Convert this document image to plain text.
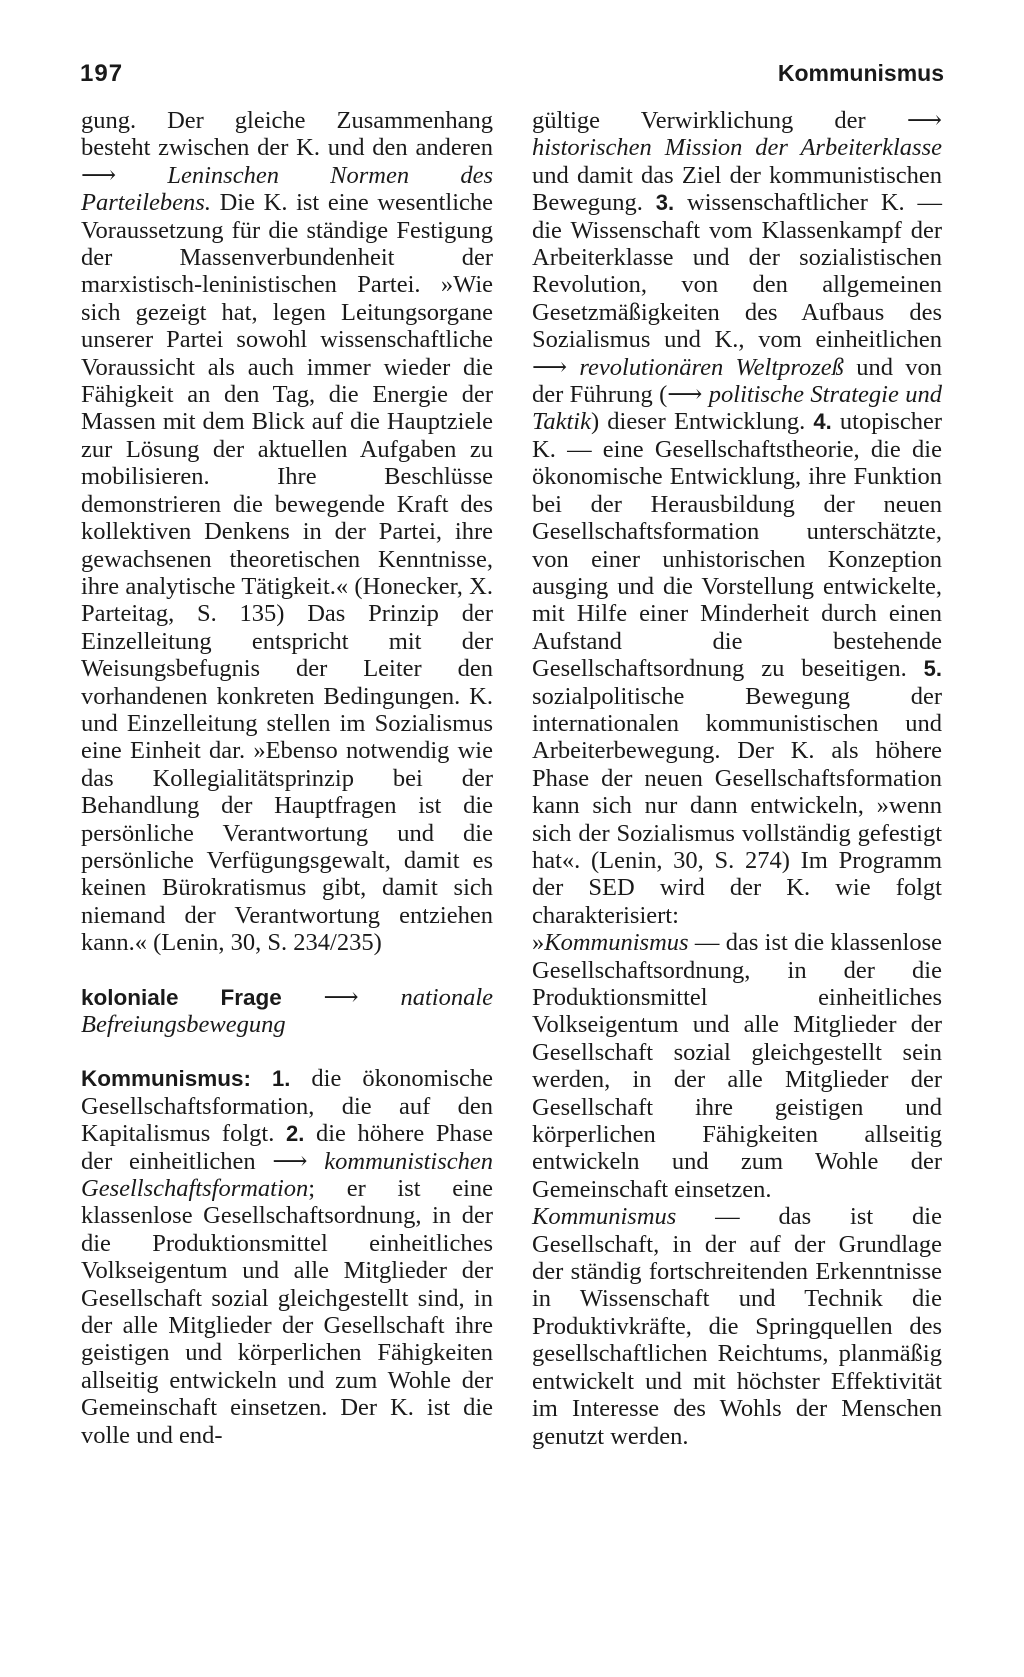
197	Kommunismus

gung. Der gleiche Zusammenhang besteht zwischen der K. und den anderen ⟶ Leninschen Normen des Parteilebens. Die K. ist eine wesentliche Voraussetzung für die ständige Festigung der Massenverbundenheit der marxistisch-leninistischen Partei. »Wie sich gezeigt hat, legen Leitungsorgane unserer Partei sowohl wissenschaftliche Voraussicht als auch immer wieder die Fähigkeit an den Tag, die Energie der Massen mit dem Blick auf die Hauptziele zur Lösung der aktuellen Aufgaben zu mobilisieren. Ihre Beschlüsse demonstrieren die bewegende Kraft des kollektiven Denkens in der Partei, ihre gewachsenen theoretischen Kenntnisse, ihre analytische Tätigkeit.« (Honecker, X. Parteitag, S. 135) Das Prinzip der Einzelleitung entspricht mit der Weisungsbefugnis der Leiter den vorhandenen konkreten Bedingungen. K. und Einzelleitung stellen im Sozialismus eine Einheit dar. »Ebenso notwendig wie das Kollegialitätsprinzip bei der Behandlung der Hauptfragen ist die persönliche Verantwortung und die persönliche Verfügungsgewalt, damit es keinen Bürokratismus gibt, damit sich niemand der Verantwortung entziehen kann.« (Lenin, 30, S. 234/235)

koloniale Frage ⟶ nationale Befreiungsbewegung

Kommunismus: 1. die ökonomische Gesellschaftsformation, die auf den Kapitalismus folgt. 2. die höhere Phase der einheitlichen ⟶ kommunistischen Gesellschaftsformation; er ist eine klassenlose Gesellschaftsordnung, in der die Produktionsmittel einheitliches Volkseigentum und alle Mitglieder der Gesellschaft sozial gleichgestellt sind, in der alle Mitglieder der Gesellschaft ihre geistigen und körperlichen Fähigkeiten allseitig entwickeln und zum Wohle der Gemeinschaft einsetzen. Der K. ist die volle und end-

gültige Verwirklichung der ⟶ historischen Mission der Arbeiterklasse und damit das Ziel der kommunistischen Bewegung. 3. wissenschaftlicher K. — die Wissenschaft vom Klassenkampf der Arbeiterklasse und der sozialistischen Revolution, von den allgemeinen Gesetzmäßigkeiten des Aufbaus des Sozialismus und K., vom einheitlichen ⟶ revolutionären Weltprozeß und von der Führung (⟶ politische Strategie und Taktik) dieser Entwicklung. 4. utopischer K. — eine Gesellschaftstheorie, die die ökonomische Entwicklung, ihre Funktion bei der Herausbildung der neuen Gesellschaftsformation unterschätzte, von einer unhistorischen Konzeption ausging und die Vorstellung entwickelte, mit Hilfe einer Minderheit durch einen Aufstand die bestehende Gesellschaftsordnung zu beseitigen. 5. sozialpolitische Bewegung der internationalen kommunistischen und Arbeiterbewegung. Der K. als höhere Phase der neuen Gesellschaftsformation kann sich nur dann entwickeln, »wenn sich der Sozialismus vollständig gefestigt hat«. (Lenin, 30, S. 274) Im Programm der SED wird der K. wie folgt charakterisiert:

»Kommunismus — das ist die klassenlose Gesellschaftsordnung, in der die Produktionsmittel einheitliches Volkseigentum und alle Mitglieder der Gesellschaft sozial gleichgestellt sein werden, in der alle Mitglieder der Gesellschaft ihre geistigen und körperlichen Fähigkeiten allseitig entwickeln und zum Wohle der Gemeinschaft einsetzen.

Kommunismus — das ist die Gesellschaft, in der auf der Grundlage der ständig fortschreitenden Erkenntnisse in Wissenschaft und Technik die Produktivkräfte, die Springquellen des gesellschaftlichen Reichtums, planmäßig entwickelt und mit höchster Effektivität im Interesse des Wohls der Menschen genutzt werden.
